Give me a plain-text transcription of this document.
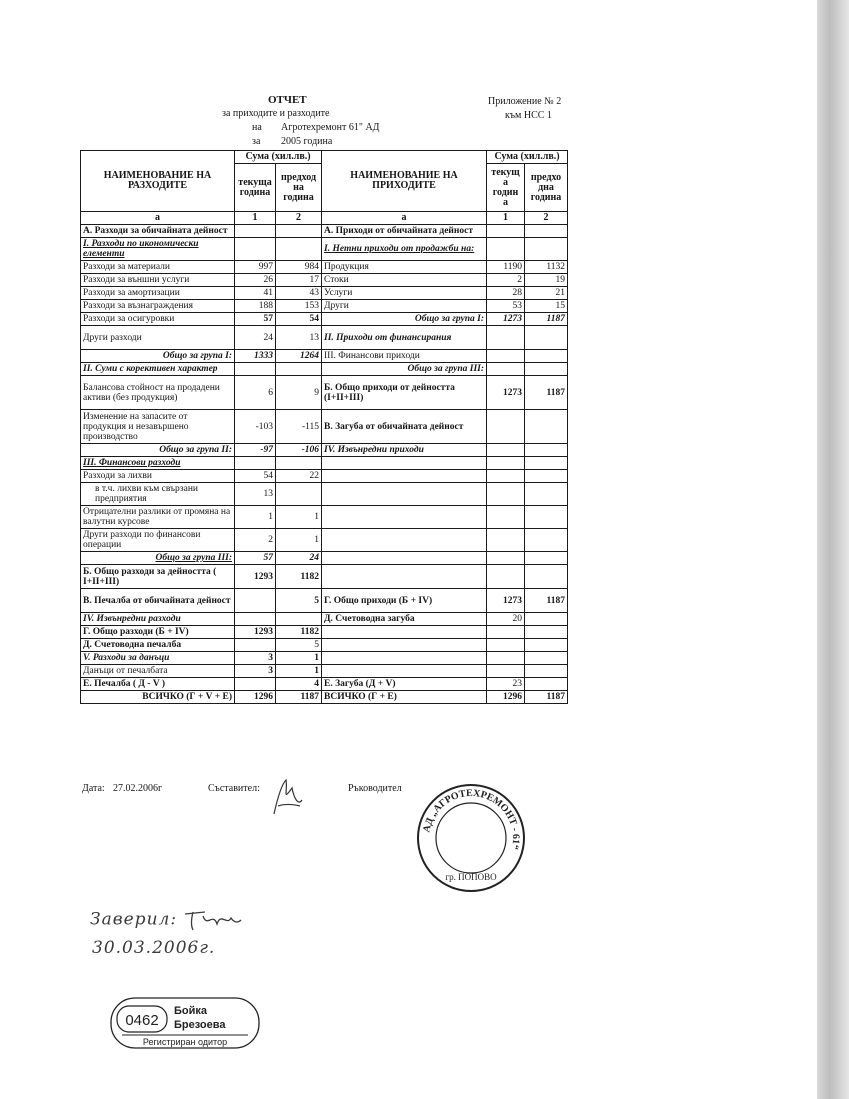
ОТЧЕТ
за приходите и разходите
на Агротехремонт 61" АД
за 2005 година
Приложение № 2
към НСС 1
НАИМЕНОВАНИЕ НА РАЗХОДИТЕ	Сума (хил.лв.)		НАИМЕНОВАНИЕ НА ПРИХОДИТЕ	Сума (хил.лв.)	
	текуща година	предход на година		текущ а годин а	предхо дна година
а	1	2	а	1	2
А. Разходи за обичайната дейност			А. Приходи от обичайната дейност		
I. Разходи по икономически елементи			I. Нетни приходи от продажби на:		
Разходи за материали	997	984	Продукция	1190	1132
Разходи за външни услуги	26	17	Стоки	2	19
Разходи за амортизации	41	43	Услуги	28	21
Разходи за възнаграждения	188	153	Други	53	15
Разходи за осигуровки	57	54	Общо за група I:	1273	1187
Други разходи	24	13	II. Приходи от финансирания		
Общо за група I:	1333	1264	III. Финансови приходи		
II. Суми с корективен характер			Общо за група III:		
Балансова стойност на продадени активи (без продукция)	6	9	Б. Общо приходи от дейността (I+II+III)	1273	1187
Изменение на запасите от продукция и незавършено производство	-103	-115	В. Загуба от обичайната дейност		
Общо за група II:	-97	-106	IV. Извънредни приходи		
III. Финансови разходи					
Разходи за лихви	54	22			
в т.ч. лихви към свързани предприятия	13				
Отрицателни разлики от промяна на валутни курсове	1	1			
Други разходи по финансови операции	2	1			
Общо за група III:	57	24			
Б. Общо разходи за дейността ( I+II+III)	1293	1182			
В. Печалба от обичайната дейност		5	Г. Общо приходи (Б + IV)	1273	1187
IV. Извънредни разходи			Д. Счетоводна загуба	20	
Г. Общо разходи (Б + IV)	1293	1182			
Д. Счетоводна печалба		5			
V. Разходи за данъци	3	1			
Данъци от печалбата	3	1			
Е. Печалба ( Д - V )		4	Е. Загуба (Д + V)	23	
ВСИЧКО (Г + V + Е)	1296	1187	ВСИЧКО (Г + Е)	1296	1187
Дата: 27.02.2006г	Съставител:	Ръководител
АД „АГРОТЕХРЕМОНТ - 61“
гр. ПОПОВО
Заверил:
30.03.2006г.
0462
Бойка
Брезоева
Регистриран одитор
